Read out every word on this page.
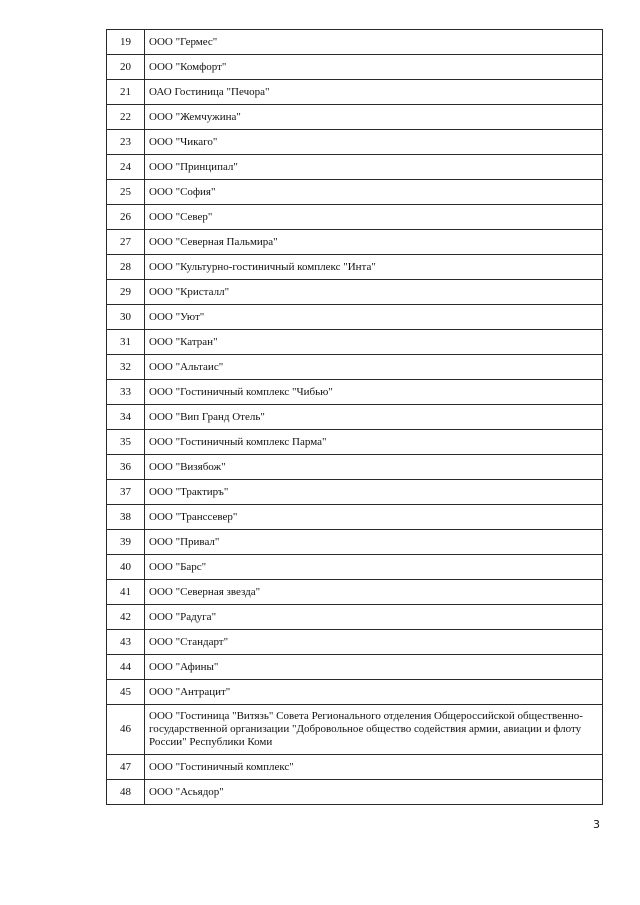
19	ООО "Гермес"
20	ООО "Комфорт"
21	ОАО Гостиница "Печора"
22	ООО "Жемчужина"
23	ООО "Чикаго"
24	ООО "Принципал"
25	ООО "София"
26	ООО "Север"
27	ООО "Северная Пальмира"
28	ООО "Культурно-гостиничный комплекс "Инта"
29	ООО "Кристалл"
30	ООО "Уют"
31	ООО "Катран"
32	ООО "Альтаис"
33	ООО "Гостиничный комплекс "Чибью"
34	ООО "Вип Гранд Отель"
35	ООО "Гостиничный комплекс Парма"
36	ООО "Визябож"
37	ООО "Трактиръ"
38	ООО "Транссевер"
39	ООО "Привал"
40	ООО "Барс"
41	ООО "Северная звезда"
42	ООО "Радуга"
43	ООО "Стандарт"
44	ООО "Афины"
45	ООО "Антрацит"
46	ООО "Гостиница "Витязь" Совета Регионального отделения Общероссийской общественно-государственной организации "Добровольное общество содействия армии, авиации и флоту России" Республики Коми
47	ООО "Гостиничный комплекс"
48	ООО "Асьядор"
3
